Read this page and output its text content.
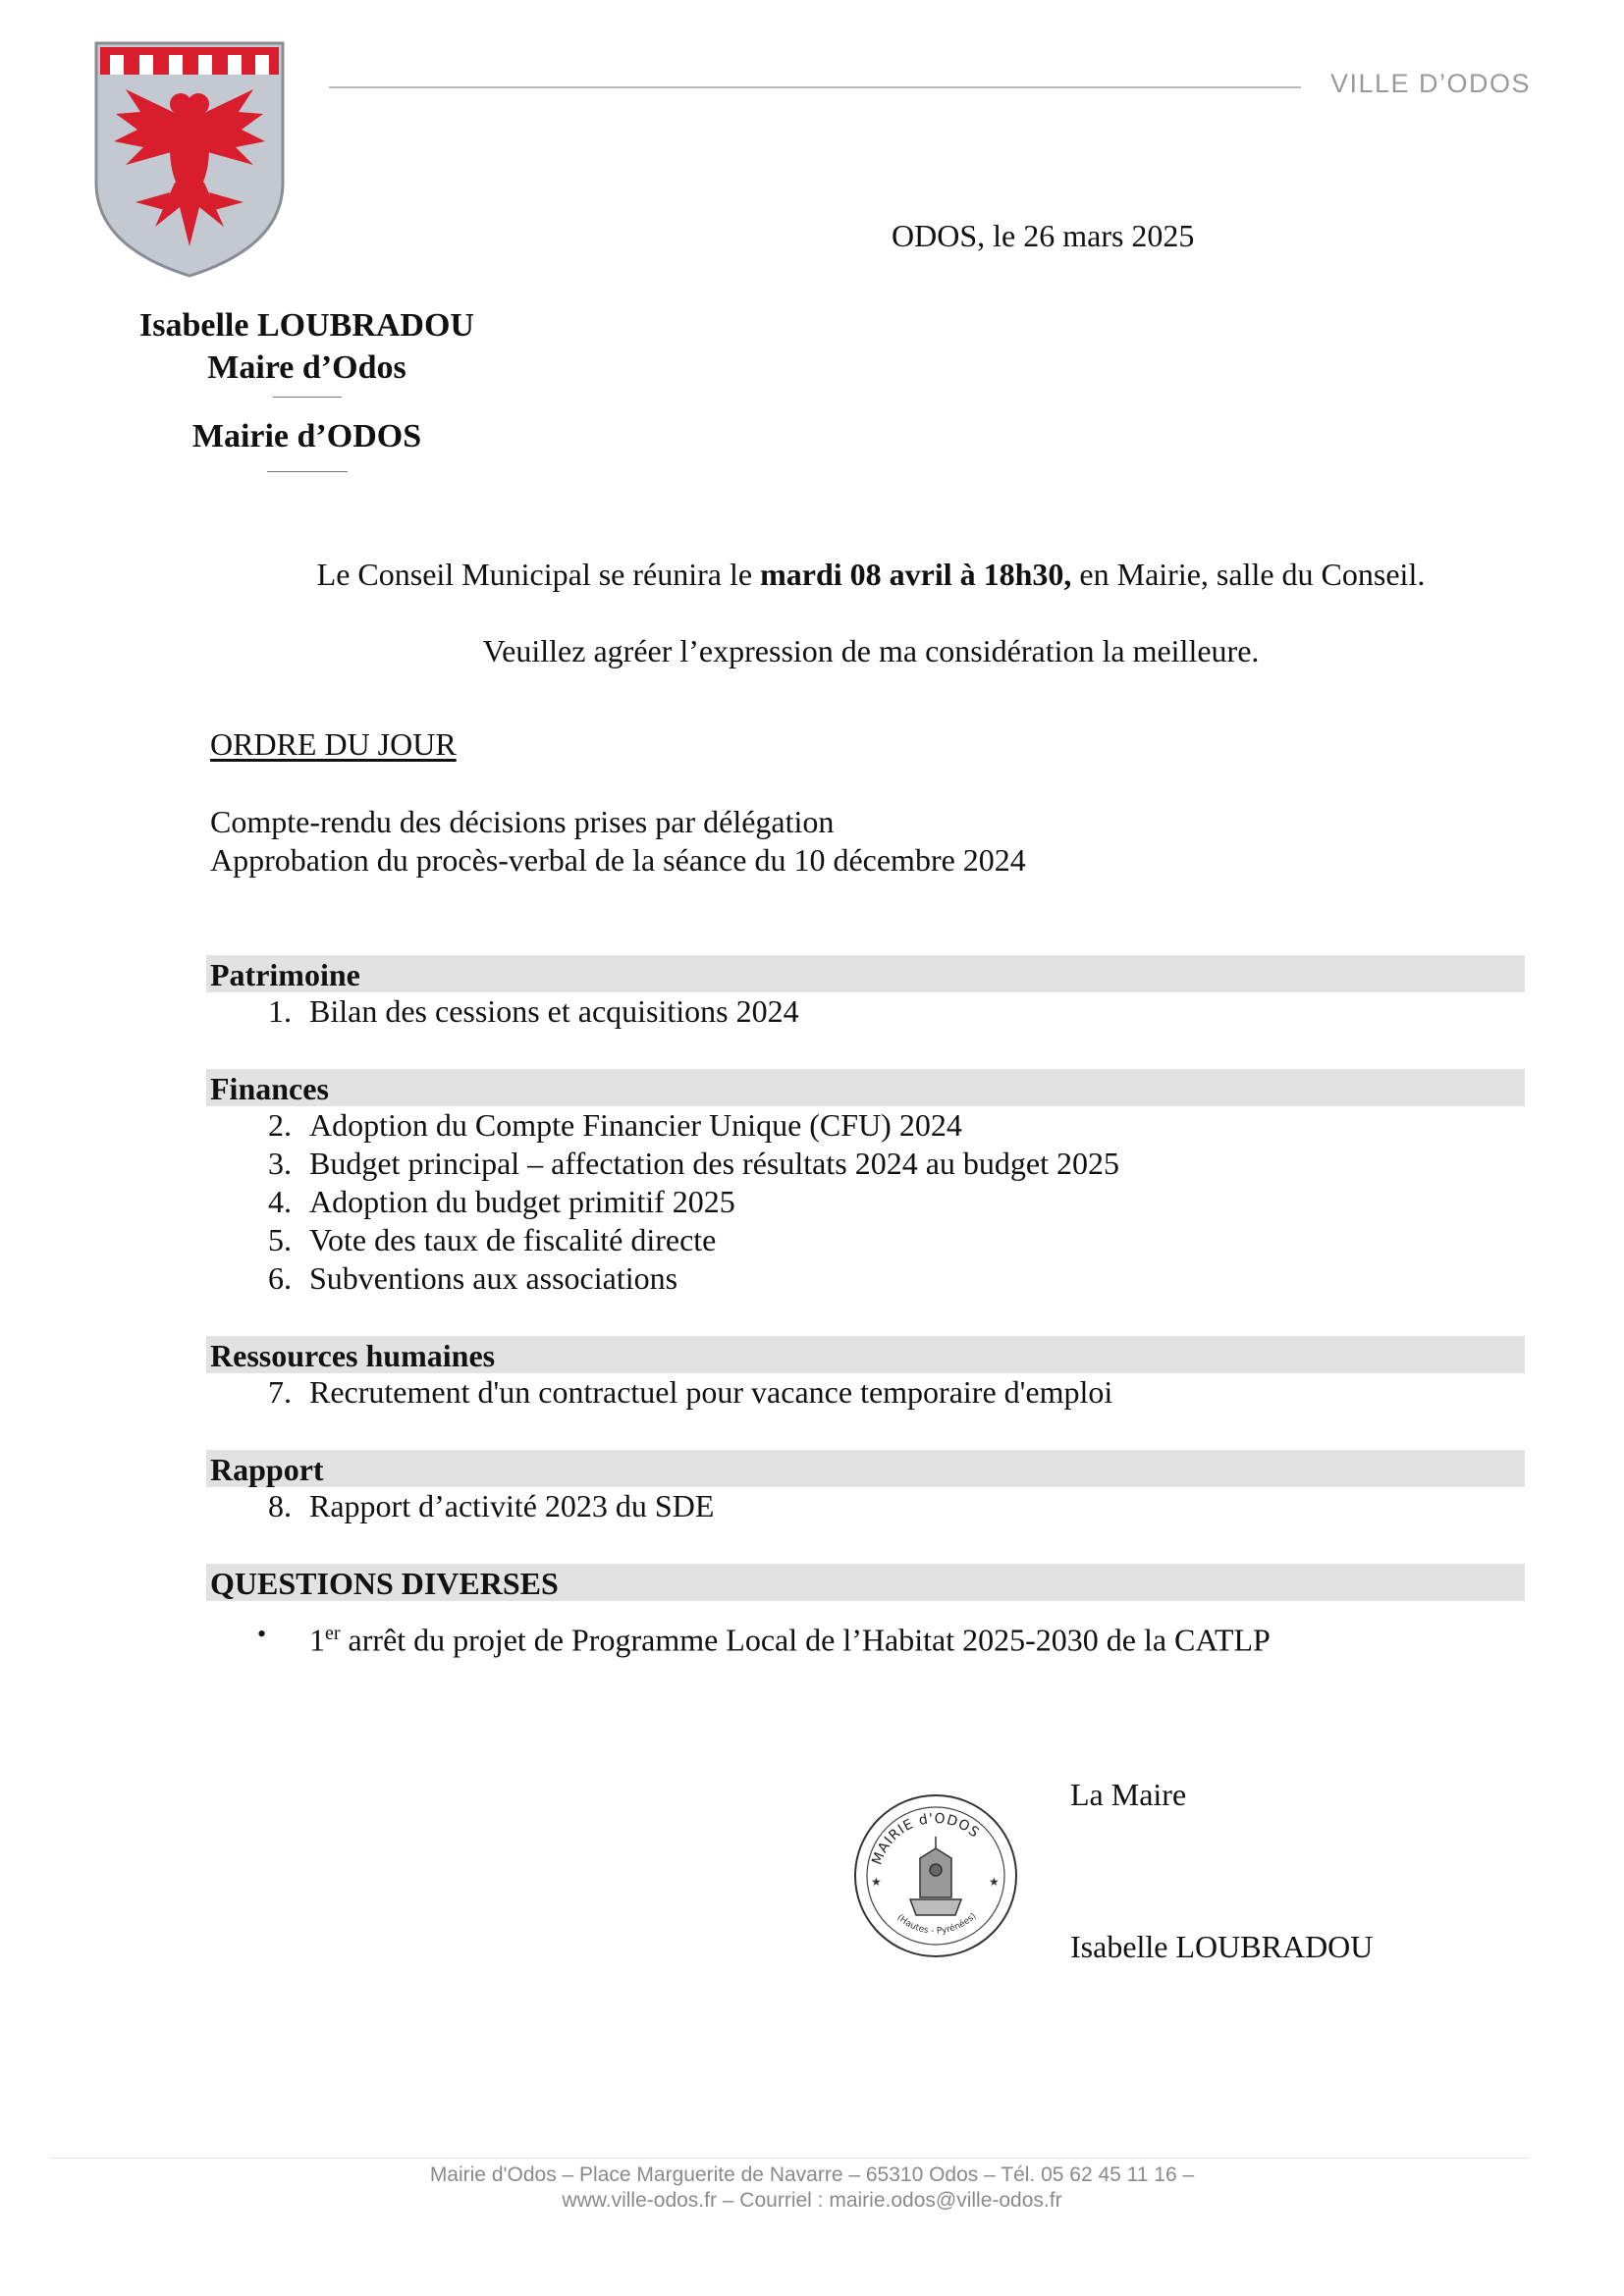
VILLE D’ODOS
ODOS, le 26 mars 2025
Isabelle LOUBRADOU
Maire d’Odos
Mairie d’ODOS
Le Conseil Municipal se réunira le mardi 08 avril à 18h30, en Mairie, salle du Conseil.
Veuillez agréer l’expression de ma considération la meilleure.
ORDRE DU JOUR
Compte-rendu des décisions prises par délégation
Approbation du procès-verbal de la séance du 10 décembre 2024
Patrimoine
1. Bilan des cessions et acquisitions 2024
Finances
2. Adoption du Compte Financier Unique (CFU) 2024
3. Budget principal – affectation des résultats 2024 au budget 2025
4. Adoption du budget primitif 2025
5. Vote des taux de fiscalité directe
6. Subventions aux associations
Ressources humaines
7. Recrutement d'un contractuel pour vacance temporaire d'emploi
Rapport
8. Rapport d’activité 2023 du SDE
QUESTIONS DIVERSES
• 1er arrêt du projet de Programme Local de l’Habitat 2025-2030 de la CATLP
La Maire
MAIRIE d'ODOS
(Hautes - Pyrénées)
★	★
Isabelle LOUBRADOU
Mairie d'Odos – Place Marguerite de Navarre – 65310 Odos – Tél. 05 62 45 11 16 –
www.ville-odos.fr – Courriel : mairie.odos@ville-odos.fr
